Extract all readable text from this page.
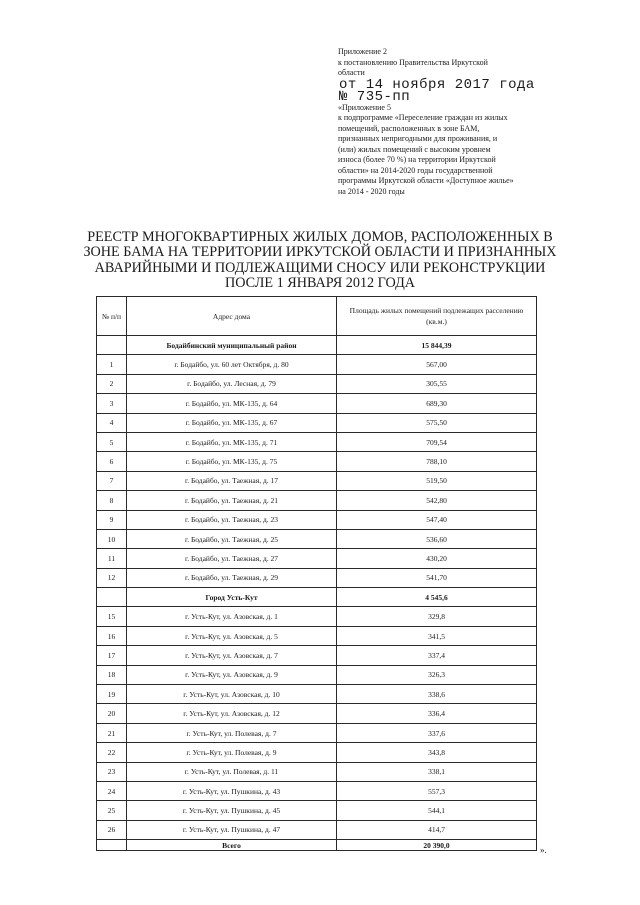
Приложение 2
к постановлению Правительства Иркутской
области
от 14 ноября 2017 года
№ 735-пп
«Приложение 5
к подпрограмме «Переселение граждан из жилых
помещений, расположенных в зоне БАМ,
признанных непригодными для проживания, и
(или) жилых помещений с высоким уровнем
износа (более 70 %) на территории Иркутской
области» на 2014-2020 годы государственной
программы Иркутской области «Доступное жилье»
на 2014 - 2020 годы
РЕЕСТР МНОГОКВАРТИРНЫХ ЖИЛЫХ ДОМОВ, РАСПОЛОЖЕННЫХ В ЗОНЕ БАМА НА ТЕРРИТОРИИ ИРКУТСКОЙ ОБЛАСТИ И ПРИЗНАННЫХ АВАРИЙНЫМИ И ПОДЛЕЖАЩИМИ СНОСУ ИЛИ РЕКОНСТРУКЦИИ ПОСЛЕ 1 ЯНВАРЯ 2012 ГОДА
№ п/п	Адрес дома	Площадь жилых помещений подлежащих расселению (кв.м.)
	Бодайбинский муниципальный район	15 844,39
1	г. Бодайбо, ул. 60 лет Октября, д. 80	567,00
2	г. Бодайбо, ул. Лесная, д. 79	305,55
3	г. Бодайбо, ул. МК-135, д. 64	689,30
4	г. Бодайбо, ул. МК-135, д. 67	575,50
5	г. Бодайбо, ул. МК-135, д. 71	709,54
6	г. Бодайбо, ул. МК-135, д. 75	788,10
7	г. Бодайбо, ул. Таежная, д. 17	519,50
8	г. Бодайбо, ул. Таежная, д. 21	542,80
9	г. Бодайбо, ул. Таежная, д. 23	547,40
10	г. Бодайбо, ул. Таежная, д. 25	536,60
11	г. Бодайбо, ул. Таежная, д. 27	430,20
12	г. Бодайбо, ул. Таежная, д. 29	541,70
	Город Усть-Кут	4 545,6
15	г. Усть-Кут, ул. Азовская, д. 1	329,8
16	г. Усть-Кут, ул. Азовская, д. 5	341,5
17	г. Усть-Кут, ул. Азовская, д. 7	337,4
18	г. Усть-Кут, ул. Азовская, д. 9	326,3
19	г. Усть-Кут, ул. Азовская, д. 10	338,6
20	г. Усть-Кут, ул. Азовская, д. 12	336,4
21	г. Усть-Кут, ул. Полевая, д. 7	337,6
22	г. Усть-Кут, ул. Полевая, д. 9	343,8
23	г. Усть-Кут, ул. Полевая, д. 11	338,1
24	г. Усть-Кут, ул. Пушкина, д. 43	557,3
25	г. Усть-Кут, ул. Пушкина, д. 45	544,1
26	г. Усть-Кут, ул. Пушкина, д. 47	414,7
	Всего	20 390,0	».
